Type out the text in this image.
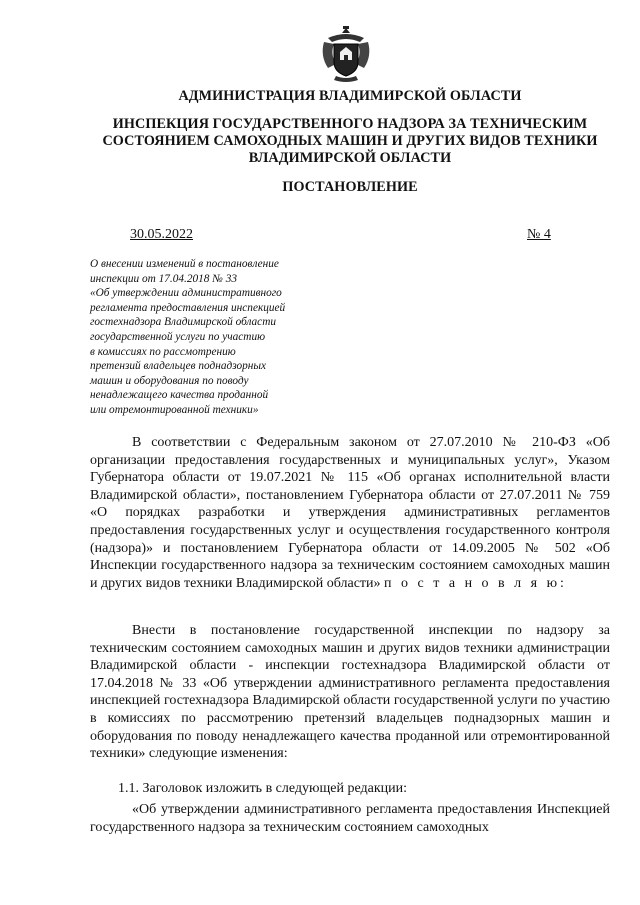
АДМИНИСТРАЦИЯ ВЛАДИМИРСКОЙ ОБЛАСТИ

ИНСПЕКЦИЯ ГОСУДАРСТВЕННОГО НАДЗОРА ЗА ТЕХНИЧЕСКИМ СОСТОЯНИЕМ САМОХОДНЫХ МАШИН И ДРУГИХ ВИДОВ ТЕХНИКИ ВЛАДИМИРСКОЙ ОБЛАСТИ

ПОСТАНОВЛЕНИЕ

30.05.2022	№ 4
О внесении изменений в постановление
инспекции от 17.04.2018 № 33
«Об утверждении административного
регламента предоставления инспекцией
гостехнадзора Владимирской области
государственной услуги по участию
в комиссиях по рассмотрению
претензий владельцев поднадзорных
машин и оборудования по поводу
ненадлежащего качества проданной
или отремонтированной техники»

В соответствии с Федеральным законом от 27.07.2010 № 210-ФЗ «Об организации предоставления государственных и муниципальных услуг», Указом Губернатора области от 19.07.2021 № 115 «Об органах исполнительной власти Владимирской области», постановлением Губернатора области от 27.07.2011 № 759 «О порядках разработки и утверждения административных регламентов предоставления государственных услуг и осуществления государственного контроля (надзора)» и постановлением Губернатора области от 14.09.2005 № 502 «Об Инспекции государственного надзора за техническим состоянием самоходных машин и других видов техники Владимирской области» п о с т а н о в л я ю:

Внести в постановление государственной инспекции по надзору за техническим состоянием самоходных машин и других видов техники администрации Владимирской области - инспекции гостехнадзора Владимирской области от 17.04.2018 № 33 «Об утверждении административного регламента предоставления инспекцией гостехнадзора Владимирской области государственной услуги по участию в комиссиях по рассмотрению претензий владельцев поднадзорных машин и оборудования по поводу ненадлежащего качества проданной или отремонтированной техники» следующие изменения:

1.1. Заголовок изложить в следующей редакции:

«Об утверждении административного регламента предоставления Инспекцией государственного надзора за техническим состоянием самоходных
